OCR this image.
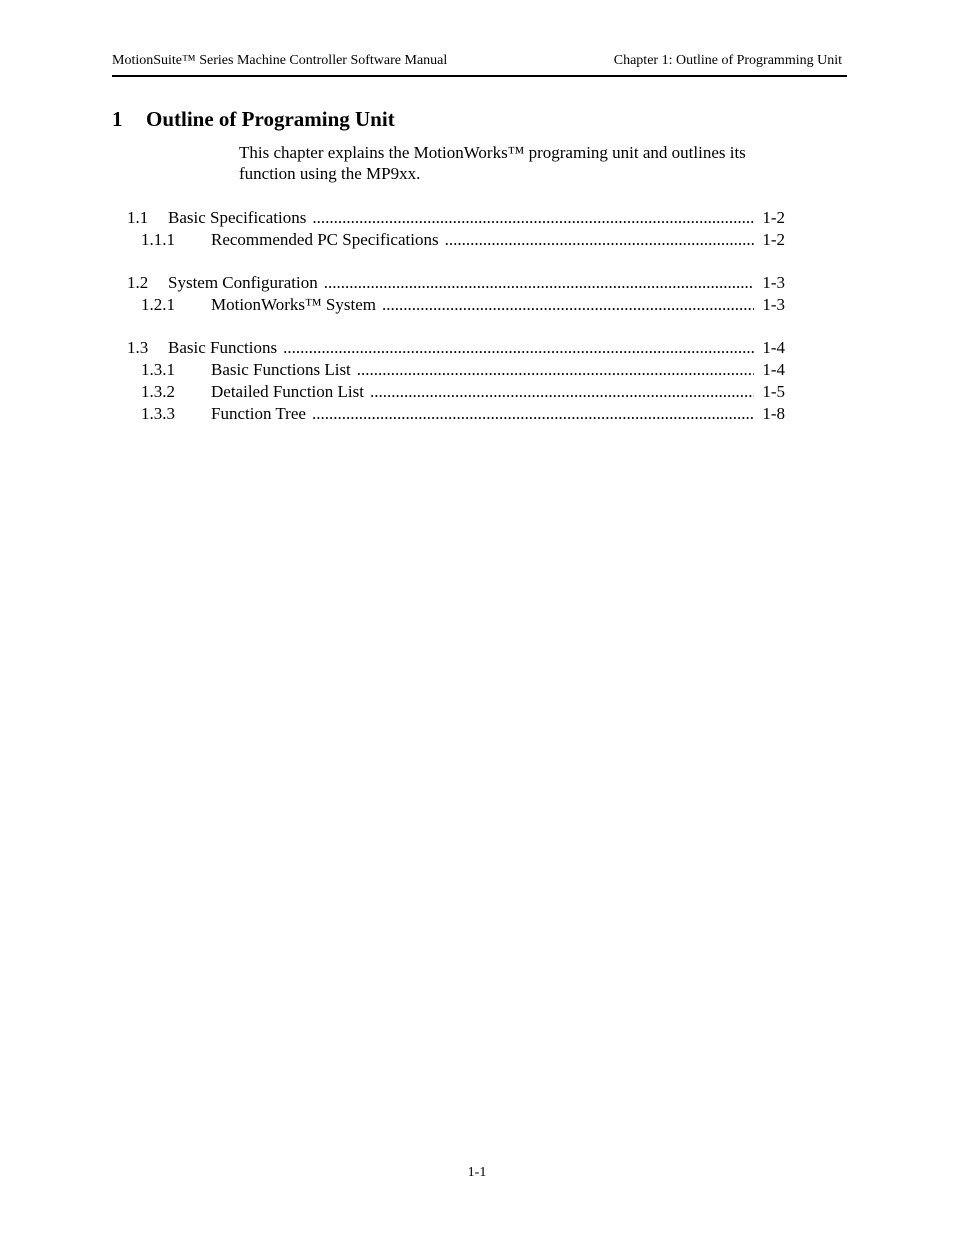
MotionSuite™ Series Machine Controller Software Manual	Chapter 1: Outline of Programming Unit
1 Outline of Programing Unit
This chapter explains the MotionWorks™ programing unit and outlines its
function using the MP9xx.
1.1 Basic Specifications .....	1-2
1.1.1 Recommended PC Specifications .....	1-2
1.2 System Configuration .....	1-3
1.2.1 MotionWorks™ System .....	1-3
1.3 Basic Functions .....	1-4
1.3.1 Basic Functions List .....	1-4
1.3.2 Detailed Function List .....	1-5
1.3.3 Function Tree .....	1-8
1-1
